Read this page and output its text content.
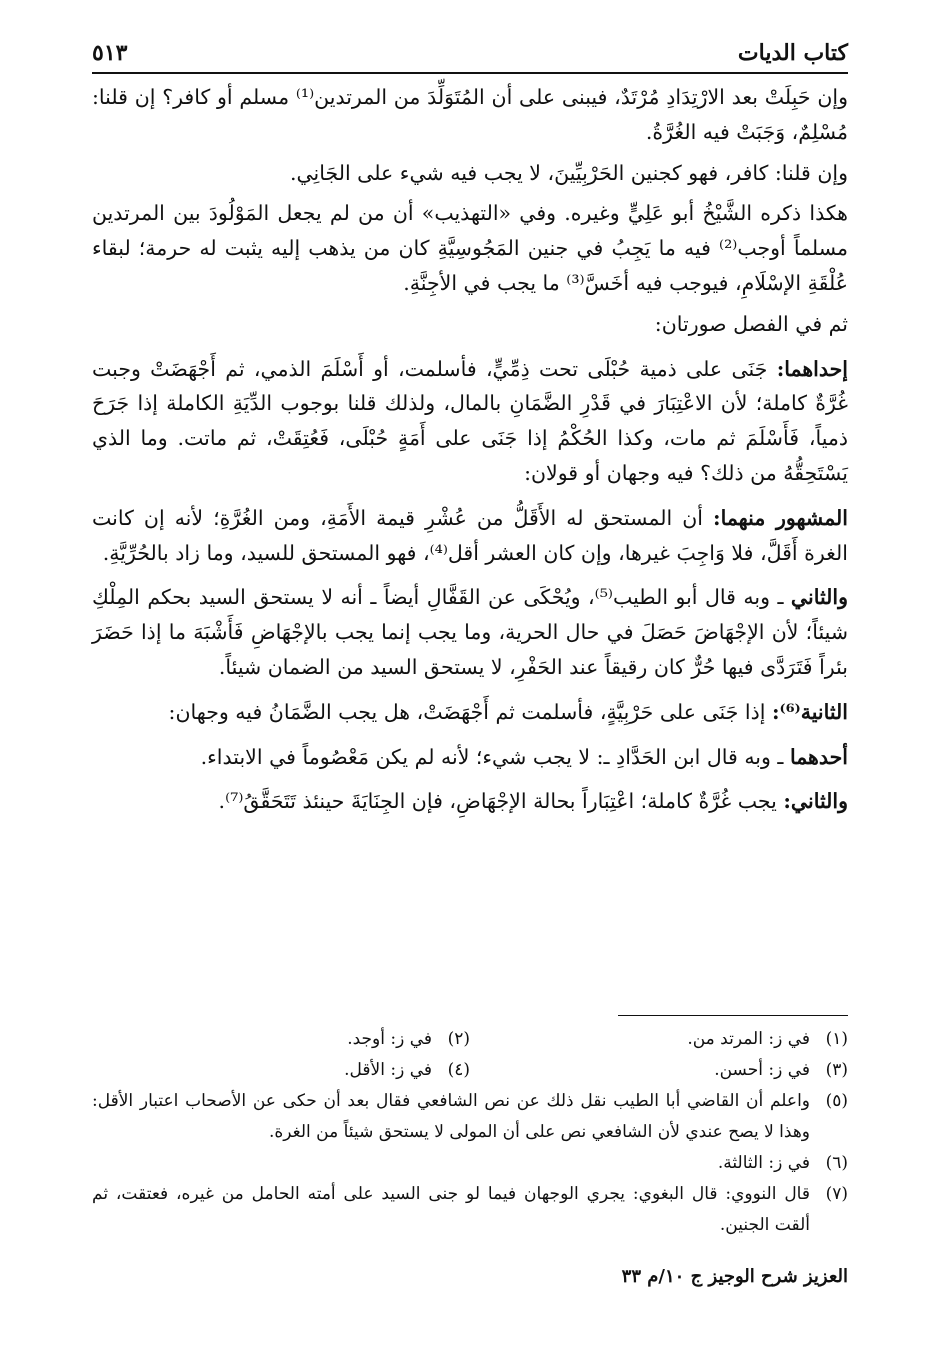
كتاب الديات
٥١٣

وإن حَبِلَتْ بعد الارْتِدَادِ مُرْتَدٌ، فيبنى على أن المُتَوَلِّدَ من المرتدين⁽¹⁾ مسلم أو كافر؟ إن قلنا: مُسْلِمٌ، وَجَبَتْ فيه الغُرَّةُ.

وإن قلنا: كافر، فهو كجنين الحَرْبِيِّينَ، لا يجب فيه شيء على الجَانِي.

هكذا ذكره الشَّيْخُ أبو عَلِيٍّ وغيره. وفي «التهذيب» أن من لم يجعل المَوْلُودَ بين المرتدين مسلماً أوجب⁽²⁾ فيه ما يَجِبُ في جنين المَجُوسِيَّةِ كان من يذهب إليه يثبت له حرمة؛ لبقاء عُلْقَةِ الإسْلَامِ، فيوجب فيه أخَسَّ⁽³⁾ ما يجب في الأجِنَّةِ.

ثم في الفصل صورتان:

إحداهما: جَنَى على ذمية حُبْلَى تحت ذِمِّيٍّ، فأسلمت، أو أَسْلَمَ الذمي، ثم أَجْهَضَتْ وجبت غُرَّةٌ كاملة؛ لأن الاعْتِبَارَ في قَدْرِ الضَّمَانِ بالمال، ولذلك قلنا بوجوب الدِّيَةِ الكاملة إذا جَرَحَ ذمياً، فَأَسْلَمَ ثم مات، وكذا الحُكْمُ إذا جَنَى على أَمَةٍ حُبْلَى، فَعُتِقَتْ، ثم ماتت. وما الذي يَسْتَحِقُّهُ من ذلك؟ فيه وجهان أو قولان:

المشهور منهما: أن المستحق له الأَقَلُّ من عُشْرِ قيمة الأَمَةِ، ومن الغُرَّةِ؛ لأنه إن كانت الغرة أَقَلَّ، فلا وَاجِبَ غيرها، وإن كان العشر أقل⁽⁴⁾، فهو المستحق للسيد، وما زاد بالحُرِّيَّةِ.

والثاني ـ وبه قال أبو الطيب⁽⁵⁾، ويُحْكَى عن القَفَّالِ أيضاً ـ أنه لا يستحق السيد بحكم المِلْكِ شيئاً؛ لأن الإجْهَاضَ حَصَلَ في حال الحرية، وما يجب إنما يجب بالإجْهَاضِ فَأَشْبَهَ ما إذا حَضَرَ بئراً فَتَرَدَّى فيها حُرٌّ كان رقيقاً عند الحَفْرِ، لا يستحق السيد من الضمان شيئاً.

الثانية⁽⁶⁾: إذا جَنَى على حَرْبِيَّةٍ، فأسلمت ثم أَجْهَضَتْ، هل يجب الضَّمَانُ فيه وجهان:

أحدهما ـ وبه قال ابن الحَدَّادِ ـ: لا يجب شيء؛ لأنه لم يكن مَعْصُوماً في الابتداء.

والثاني: يجب غُرَّةٌ كاملة؛ اعْتِبَاراً بحالة الإجْهَاضِ، فإن الجِنَايَةَ حينئذ تَتَحَقَّقُ⁽⁷⁾.

(١)
في ز: المرتد من.
(٢)
في ز: أوجد.
(٣)
في ز: أحسن.
(٤)
في ز: الأقل.
(٥)
واعلم أن القاضي أبا الطيب نقل ذلك عن نص الشافعي فقال بعد أن حكى عن الأصحاب اعتبار الأقل: وهذا لا يصح عندي لأن الشافعي نص على أن المولى لا يستحق شيئاً من الغرة.
(٦)
في ز: الثالثة.
(٧)
قال النووي: قال البغوي: يجري الوجهان فيما لو جنى السيد على أمته الحامل من غيره، فعتقت، ثم ألقت الجنين.
العزيز شرح الوجيز ج ١٠/م ٣٣
